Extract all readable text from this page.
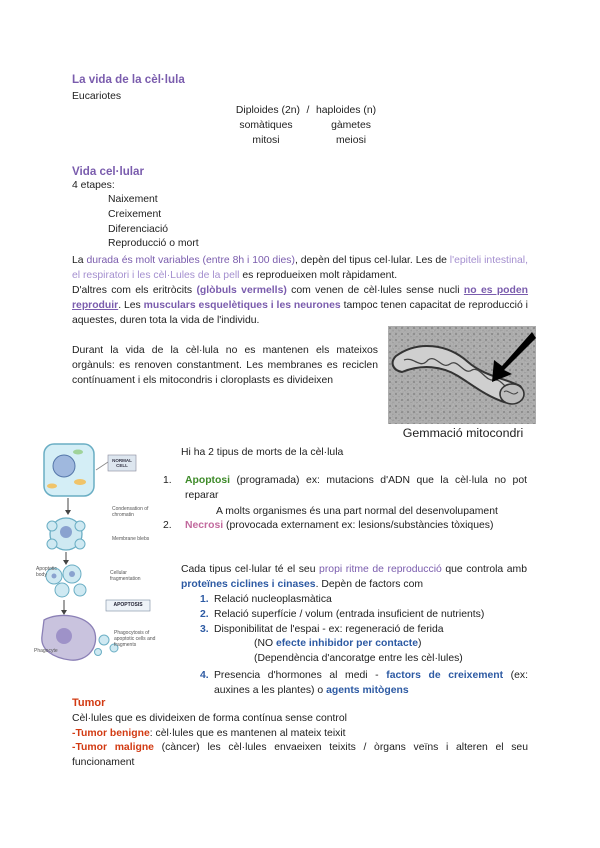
La vida de la cèl·lula
Eucariotes
Diploides (2n) / haploides (n)
somàtiques	gàmetes
mitosi	meiosi
Vida cel·lular
4 etapes:
Naixement
Creixement
Diferenciació
Reproducció o mort
La durada és molt variables (entre 8h i 100 dies), depèn del tipus cel·lular. Les de l'epiteli intestinal, el respiratori i les cèl·Lules de la pell es reprodueixen molt ràpidament.
D'altres com els eritròcits (glòbuls vermells) com venen de cèl·lules sense nucli no es poden reproduir. Les musculars esquelètiques i les neurones tampoc tenen capacitat de reproducció i aquestes, duren tota la vida de l'individu.
Durant la vida de la cèl·lula no es mantenen els mateixos orgànuls: es renoven constantment. Les membranes es reciclen contínuament i els mitocondris i cloroplasts es divideixen
Gemmació mitocondri
NORMAL CELL
Condensation of chromatin
Membrane blebs
Cellular fragmentation
Apoptotic body
APOPTOSIS
Phagocyte
Phagocytosis of apoptotic cells and fragments
Hi ha 2 tipus de morts de la cèl·lula
1.	Apoptosi (programada) ex: mutacions d'ADN que la cèl·lula no pot reparar
A molts organismes és una part normal del desenvolupament
2. Necrosi (provocada externament ex: lesions/substàncies tòxiques)
Cada tipus cel·lular té el seu propi ritme de reproducció que controla amb proteïnes ciclines i cinases. Depèn de factors com
1. Relació nucleoplasmàtica
2. Relació superfície / volum (entrada insuficient de nutrients)
3. Disponibilitat de l'espai - ex: regeneració de ferida
(NO efecte inhibidor per contacte)
(Dependència d'ancoratge entre les cèl·lules)
4. Presencia d'hormones al medi - factors de creixement (ex: auxines a les plantes) o agents mitògens
Tumor
Cèl·lules que es divideixen de forma contínua sense control
-Tumor benigne: cèl·lules que es mantenen al mateix teixit
-Tumor maligne (càncer) les cèl·lules envaeixen teixits / òrgans veïns i alteren el seu funcionament
